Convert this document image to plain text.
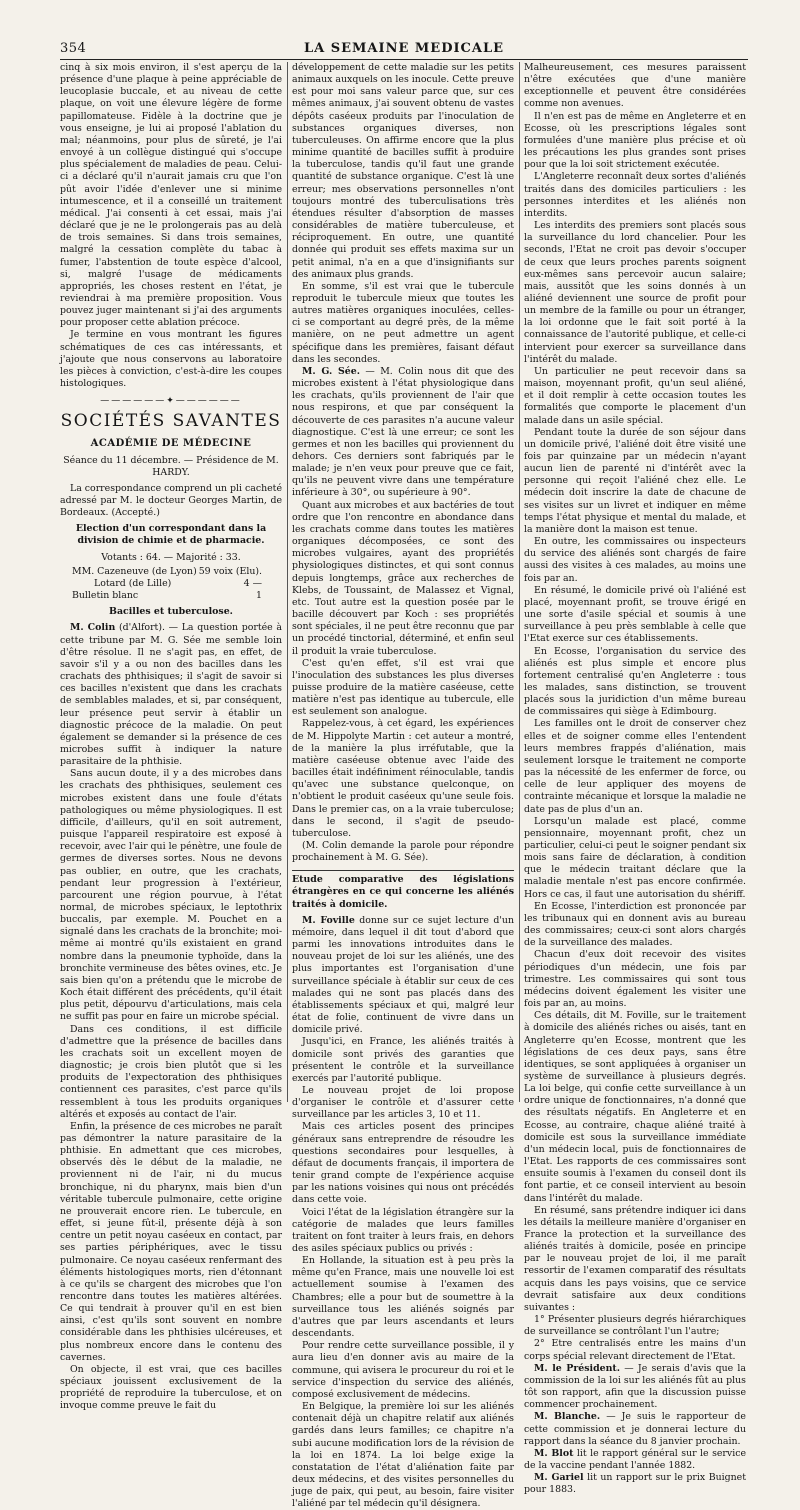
354	LA SEMAINE MEDICALE

cinq à six mois environ, il s'est aperçu de la présence d'une plaque à peine appréciable de leucoplasie buccale, et au niveau de cette plaque, on voit une élevure légère de forme papillomateuse. Fidèle à la doctrine que je vous enseigne, je lui ai proposé l'ablation du mal; néanmoins, pour plus de sûreté, je l'ai envoyé à un collègue distingué qui s'occupe plus spécialement de maladies de peau. Celui-ci a déclaré qu'il n'aurait jamais cru que l'on pût avoir l'idée d'enlever une si minime intumescence, et il a conseillé un traitement médical. J'ai consenti à cet essai, mais j'ai déclaré que je ne le prolongerais pas au delà de trois semaines. Si dans trois semaines, malgré la cessation complète du tabac à fumer, l'abstention de toute espèce d'alcool, si, malgré l'usage de médicaments appropriés, les choses restent en l'état, je reviendrai à ma première proposition. Vous pouvez juger maintenant si j'ai des arguments pour proposer cette ablation précoce.

Je termine en vous montrant les figures schématiques de ces cas intéressants, et j'ajoute que nous conservons au laboratoire les pièces à conviction, c'est-à-dire les coupes histologiques.

——————✦——————
SOCIÉTÉS SAVANTES
ACADÉMIE DE MÉDECINE

Séance du 11 décembre. — Présidence de M. HARDY.

La correspondance comprend un pli cacheté adressé par M. le docteur Georges Martin, de Bordeaux. (Accepté.)

Election d'un correspondant dans la division de chimie et de pharmacie.

Votants : 64. — Majorité : 33.

MM. Cazeneuve (de Lyon) 59 voix (Elu).
Lotard (de Lille)	4 —
Bulletin blanc	1

Bacilles et tuberculose.

M. Colin (d'Alfort). — La question portée à cette tribune par M. G. Sée me semble loin d'être résolue. Il ne s'agit pas, en effet, de savoir s'il y a ou non des bacilles dans les crachats des phthisiques; il s'agit de savoir si ces bacilles n'existent que dans les crachats de semblables malades, et si, par conséquent, leur présence peut servir à établir un diagnostic précoce de la maladie. On peut également se demander si la présence de ces microbes suffit à indiquer la nature parasitaire de la phthisie.

Sans aucun doute, il y a des microbes dans les crachats des phthisiques, seulement ces microbes existent dans une foule d'états pathologiques ou même physiologiques. Il est difficile, d'ailleurs, qu'il en soit autrement, puisque l'appareil respiratoire est exposé à recevoir, avec l'air qui le pénètre, une foule de germes de diverses sortes. Nous ne devons pas oublier, en outre, que les crachats, pendant leur progression à l'extérieur, parcourent une région pourvue, à l'état normal, de microbes spéciaux, le leptothrix buccalis, par exemple. M. Pouchet en a signalé dans les crachats de la bronchite; moi-même ai montré qu'ils existaient en grand nombre dans la pneumonie typhoïde, dans la bronchite vermineuse des bêtes ovines, etc. Je sais bien qu'on a prétendu que le microbe de Koch était différent des précédents, qu'il était plus petit, dépourvu d'articulations, mais cela ne suffit pas pour en faire un microbe spécial.

Dans ces conditions, il est difficile d'admettre que la présence de bacilles dans les crachats soit un excellent moyen de diagnostic; je crois bien plutôt que si les produits de l'expectoration des phthisiques contiennent ces parasites, c'est parce qu'ils ressemblent à tous les produits organiques altérés et exposés au contact de l'air.

Enfin, la présence de ces microbes ne paraît pas démontrer la nature parasitaire de la phthisie. En admettant que ces microbes, observés dès le début de la maladie, ne proviennent ni de l'air, ni du mucus bronchique, ni du pharynx, mais bien d'un véritable tubercule pulmonaire, cette origine ne prouverait encore rien. Le tubercule, en effet, si jeune fût-il, présente déjà à son centre un petit noyau caséeux en contact, par ses parties périphériques, avec le tissu pulmonaire. Ce noyau caséeux renfermant des éléments histologiques morts, rien d'étonnant à ce qu'ils se chargent des microbes que l'on rencontre dans toutes les matières altérées. Ce qui tendrait à prouver qu'il en est bien ainsi, c'est qu'ils sont souvent en nombre considérable dans les phthisies ulcéreuses, et plus nombreux encore dans le contenu des cavernes.

On objecte, il est vrai, que ces bacilles spéciaux jouissent exclusivement de la propriété de reproduire la tuberculose, et on invoque comme preuve le fait du

développement de cette maladie sur les petits animaux auxquels on les inocule. Cette preuve est pour moi sans valeur parce que, sur ces mêmes animaux, j'ai souvent obtenu de vastes dépôts caséeux produits par l'inoculation de substances organiques diverses, non tuberculeuses. On affirme encore que la plus minime quantité de bacilles suffit à produire la tuberculose, tandis qu'il faut une grande quantité de substance organique. C'est là une erreur; mes observations personnelles n'ont toujours montré des tuberculisations très étendues résulter d'absorption de masses considérables de matière tuberculeuse, et réciproquement. En outre, une quantité donnée qui produit ses effets maxima sur un petit animal, n'a en a que d'insignifiants sur des animaux plus grands.

En somme, s'il est vrai que le tubercule reproduit le tubercule mieux que toutes les autres matières organiques inoculées, celles-ci se comportant au degré près, de la même manière, on ne peut admettre un agent spécifique dans les premières, faisant défaut dans les secondes.

M. G. Sée. — M. Colin nous dit que des microbes existent à l'état physiologique dans les crachats, qu'ils proviennent de l'air que nous respirons, et que par conséquent la découverte de ces parasites n'a aucune valeur diagnostique. C'est là une erreur; ce sont les germes et non les bacilles qui proviennent du dehors. Ces derniers sont fabriqués par le malade; je n'en veux pour preuve que ce fait, qu'ils ne peuvent vivre dans une température inférieure à 30°, ou supérieure à 90°.

Quant aux microbes et aux bactéries de tout ordre que l'on rencontre en abondance dans les crachats comme dans toutes les matières organiques décomposées, ce sont des microbes vulgaires, ayant des propriétés physiologiques distinctes, et qui sont connus depuis longtemps, grâce aux recherches de Klebs, de Toussaint, de Malassez et Vignal, etc. Tout autre est la question posée par le bacille découvert par Koch : ses propriétés sont spéciales, il ne peut être reconnu que par un procédé tinctorial, déterminé, et enfin seul il produit la vraie tuberculose.

C'est qu'en effet, s'il est vrai que l'inoculation des substances les plus diverses puisse produire de la matière caséeuse, cette matière n'est pas identique au tubercule, elle est seulement son analogue.

Rappelez-vous, à cet égard, les expériences de M. Hippolyte Martin : cet auteur a montré, de la manière la plus irréfutable, que la matière caséeuse obtenue avec l'aide des bacilles était indéfiniment réinoculable, tandis qu'avec une substance quelconque, on n'obtient le produit caséeux qu'une seule fois. Dans le premier cas, on a la vraie tuberculose; dans le second, il s'agit de pseudo-tuberculose.

(M. Colin demande la parole pour répondre prochainement à M. G. Sée).

Etude comparative des législations étrangères en ce qui concerne les aliénés traités à domicile.

M. Foville donne sur ce sujet lecture d'un mémoire, dans lequel il dit tout d'abord que parmi les innovations introduites dans le nouveau projet de loi sur les aliénés, une des plus importantes est l'organisation d'une surveillance spéciale à établir sur ceux de ces malades qui ne sont pas placés dans des établissements spéciaux et qui, malgré leur état de folie, continuent de vivre dans un domicile privé.

Jusqu'ici, en France, les aliénés traités à domicile sont privés des garanties que présentent le contrôle et la surveillance exercés par l'autorité publique.

Le nouveau projet de loi propose d'organiser le contrôle et d'assurer cette surveillance par les articles 3, 10 et 11.

Mais ces articles posent des principes généraux sans entreprendre de résoudre les questions secondaires pour lesquelles, à défaut de documents français, il importera de tenir grand compte de l'expérience acquise par les nations voisines qui nous ont précédés dans cette voie.

Voici l'état de la législation étrangère sur la catégorie de malades que leurs familles traitent on font traiter à leurs frais, en dehors des asiles spéciaux publics ou privés :

En Hollande, la situation est à peu près la même qu'en France, mais une nouvelle loi est actuellement soumise à l'examen des Chambres; elle a pour but de soumettre à la surveillance tous les aliénés soignés par d'autres que par leurs ascendants et leurs descendants.

Pour rendre cette surveillance possible, il y aura lieu d'en donner avis au maire de la commune, qui avisera le procureur du roi et le service d'inspection du service des aliénés, composé exclusivement de médecins.

En Belgique, la première loi sur les aliénés contenait déjà un chapitre relatif aux aliénés gardés dans leurs familles; ce chapitre n'a subi aucune modification lors de la révision de la loi en 1874. La loi belge exige la constatation de l'état d'aliénation faite par deux médecins, et des visites personnelles du juge de paix, qui peut, au besoin, faire visiter l'aliéné par tel médecin qu'il désignera.

Malheureusement, ces mesures paraissent n'être exécutées que d'une manière exceptionnelle et peuvent être considérées comme non avenues.

Il n'en est pas de même en Angleterre et en Ecosse, où les prescriptions légales sont formulées d'une manière plus précise et où les précautions les plus grandes sont prises pour que la loi soit strictement exécutée.

L'Angleterre reconnaît deux sortes d'aliénés traités dans des domiciles particuliers : les personnes interdites et les aliénés non interdits.

Les interdits des premiers sont placés sous la surveillance du lord chancelier. Pour les seconds, l'Etat ne croit pas devoir s'occuper de ceux que leurs proches parents soignent eux-mêmes sans percevoir aucun salaire; mais, aussitôt que les soins donnés à un aliéné deviennent une source de profit pour un membre de la famille ou pour un étranger, la loi ordonne que le fait soit porté à la connaissance de l'autorité publique, et celle-ci intervient pour exercer sa surveillance dans l'intérêt du malade.

Un particulier ne peut recevoir dans sa maison, moyennant profit, qu'un seul aliéné, et il doit remplir à cette occasion toutes les formalités que comporte le placement d'un malade dans un asile spécial.

Pendant toute la durée de son séjour dans un domicile privé, l'aliéné doit être visité une fois par quinzaine par un médecin n'ayant aucun lien de parenté ni d'intérêt avec la personne qui reçoit l'aliéné chez elle. Le médecin doit inscrire la date de chacune de ses visites sur un livret et indiquer en même temps l'état physique et mental du malade, et la manière dont la maison est tenue.

En outre, les commissaires ou inspecteurs du service des aliénés sont chargés de faire aussi des visites à ces malades, au moins une fois par an.

En résumé, le domicile privé où l'aliéné est placé, moyennant profit, se trouve érigé en une sorte d'asile spécial et soumis à une surveillance à peu près semblable à celle que l'Etat exerce sur ces établissements.

En Ecosse, l'organisation du service des aliénés est plus simple et encore plus fortement centralisé qu'en Angleterre : tous les malades, sans distinction, se trouvent placés sous la juridiction d'un même bureau de commissaires qui siège à Edimbourg.

Les familles ont le droit de conserver chez elles et de soigner comme elles l'entendent leurs membres frappés d'aliénation, mais seulement lorsque le traitement ne comporte pas la nécessité de les enfermer de force, ou celle de leur appliquer des moyens de contrainte mécanique et lorsque la maladie ne date pas de plus d'un an.

Lorsqu'un malade est placé, comme pensionnaire, moyennant profit, chez un particulier, celui-ci peut le soigner pendant six mois sans faire de déclaration, à condition que le médecin traitant déclare que la maladie mentale n'est pas encore confirmée. Hors ce cas, il faut une autorisation du shériff.

En Ecosse, l'interdiction est prononcée par les tribunaux qui en donnent avis au bureau des commissaires; ceux-ci sont alors chargés de la surveillance des malades.

Chacun d'eux doit recevoir des visites périodiques d'un médecin, une fois par trimestre. Les commissaires qui sont tous médecins doivent également les visiter une fois par an, au moins.

Ces détails, dit M. Foville, sur le traitement à domicile des aliénés riches ou aisés, tant en Angleterre qu'en Ecosse, montrent que les législations de ces deux pays, sans être identiques, se sont appliquées à organiser un système de surveillance à plusieurs degrés. La loi belge, qui confie cette surveillance à un ordre unique de fonctionnaires, n'a donné que des résultats négatifs. En Angleterre et en Ecosse, au contraire, chaque aliéné traité à domicile est sous la surveillance immédiate d'un médecin local, puis de fonctionnaires de l'Etat. Les rapports de ces commissaires sont ensuite soumis à l'examen du conseil dont ils font partie, et ce conseil intervient au besoin dans l'intérêt du malade.

En résumé, sans prétendre indiquer ici dans les détails la meilleure manière d'organiser en France la protection et la surveillance des aliénés traités à domicile, posée en principe par le nouveau projet de loi, il me paraît ressortir de l'examen comparatif des résultats acquis dans les pays voisins, que ce service devrait satisfaire aux deux conditions suivantes :

1° Présenter plusieurs degrés hiérarchiques de surveillance se contrôlant l'un l'autre;

2° Etre centralisés entre les mains d'un corps spécial relevant directement de l'Etat.

M. le Président. — Je serais d'avis que la commission de la loi sur les aliénés fût au plus tôt son rapport, afin que la discussion puisse commencer prochainement.

M. Blanche. — Je suis le rapporteur de cette commission et je donnerai lecture du rapport dans la séance du 8 janvier prochain.

M. Blot lit le rapport général sur le service de la vaccine pendant l'année 1882.

M. Gariel lit un rapport sur le prix Buignet pour 1883.
